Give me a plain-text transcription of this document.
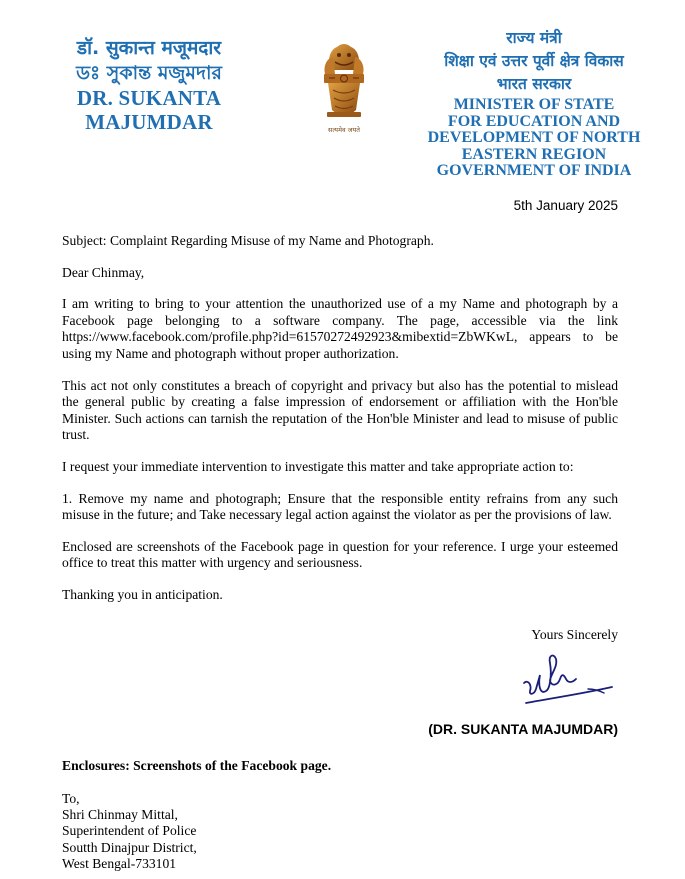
डॉ. सुकान्त मजूमदार
ডঃ সুকান্ত মজুমদার
DR. SUKANTA MAJUMDAR	सत्यमेव जयते
राज्य मंत्री
शिक्षा एवं उत्तर पूर्वी क्षेत्र विकास
भारत सरकार
MINISTER OF STATE
FOR EDUCATION AND
DEVELOPMENT OF NORTH
EASTERN REGION
GOVERNMENT OF INDIA
5th January 2025

Subject: Complaint Regarding Misuse of my Name and Photograph.

Dear Chinmay,

I am writing to bring to your attention the unauthorized use of a my Name and photograph by a Facebook page belonging to a software company. The page, accessible via the link https://www.facebook.com/profile.php?id=61570272492923&mibextid=ZbWKwL, appears to be using my Name and photograph without proper authorization.

This act not only constitutes a breach of copyright and privacy but also has the potential to mislead the general public by creating a false impression of endorsement or affiliation with the Hon'ble Minister. Such actions can tarnish the reputation of the Hon'ble Minister and lead to misuse of public trust.

I request your immediate intervention to investigate this matter and take appropriate action to:

1. Remove my name and photograph; Ensure that the responsible entity refrains from any such misuse in the future; and Take necessary legal action against the violator as per the provisions of law.

Enclosed are screenshots of the Facebook page in question for your reference. I urge your esteemed office to treat this matter with urgency and seriousness.

Thanking you in anticipation.

Yours Sincerely
(DR. SUKANTA MAJUMDAR)
Enclosures: Screenshots of the Facebook page.
To,
Shri Chinmay Mittal,
Superintendent of Police
Soutth Dinajpur District,
West Bengal-733101
